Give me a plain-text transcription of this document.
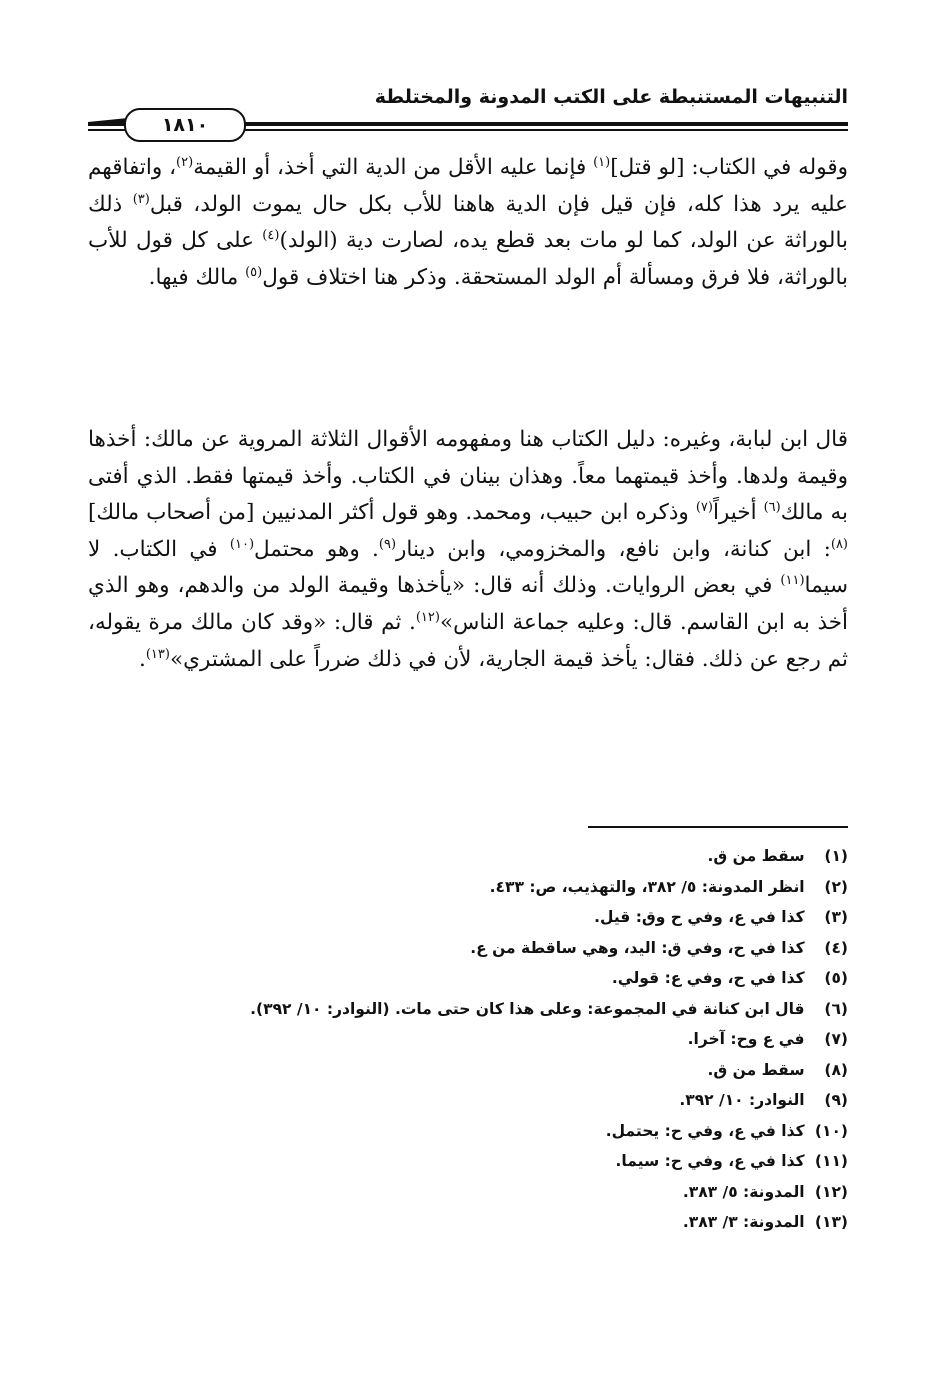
التنبيهات المستنبطة على الكتب المدونة والمختلطة
١٨١٠

وقوله في الكتاب: [لو قتل]$^{(١)}$ فإنما عليه الأقل من الدية التي أخذ، أو القيمة$^{(٢)}$، واتفاقهم عليه يرد هذا كله، فإن قيل فإن الدية هاهنا للأب بكل حال يموت الولد، قبل$^{(٣)}$ ذلك بالوراثة عن الولد، كما لو مات بعد قطع يده، لصارت دية (الولد)$^{(٤)}$ على كل قول للأب بالوراثة، فلا فرق ومسألة أم الولد المستحقة. وذكر هنا اختلاف قول$^{(٥)}$ مالك فيها.

قال ابن لبابة، وغيره: دليل الكتاب هنا ومفهومه الأقوال الثلاثة المروية عن مالك: أخذها وقيمة ولدها. وأخذ قيمتهما معاً. وهذان بينان في الكتاب. وأخذ قيمتها فقط. الذي أفتى به مالك$^{(٦)}$ أخيراً$^{(٧)}$ وذكره ابن حبيب، ومحمد. وهو قول أكثر المدنيين [من أصحاب مالك]$^{(٨)}$: ابن كنانة، وابن نافع، والمخزومي، وابن دينار$^{(٩)}$. وهو محتمل$^{(١٠)}$ في الكتاب. لا سيما$^{(١١)}$ في بعض الروايات. وذلك أنه قال: «يأخذها وقيمة الولد من والدهم، وهو الذي أخذ به ابن القاسم. قال: وعليه جماعة الناس»$^{(١٢)}$. ثم قال: «وقد كان مالك مرة يقوله، ثم رجع عن ذلك. فقال: يأخذ قيمة الجارية، لأن في ذلك ضرراً على المشتري»$^{(١٣)}$.

(١) سقط من ق.
(٢) انظر المدونة: ٥/ ٣٨٢، والتهذيب، ص: ٤٣٣.
(٣) كذا في ع، وفي ح وق: قيل.
(٤) كذا في ح، وفي ق: اليد، وهي ساقطة من ع.
(٥) كذا في ح، وفي ع: قولي.
(٦) قال ابن كنانة في المجموعة: وعلى هذا كان حتى مات. (النوادر: ١٠/ ٣٩٢).
(٧) في ع وح: آخرا.
(٨) سقط من ق.
(٩) النوادر: ١٠/ ٣٩٢.
(١٠) كذا في ع، وفي ح: يحتمل.
(١١) كذا في ع، وفي ح: سيما.
(١٢) المدونة: ٥/ ٣٨٣.
(١٣) المدونة: ٣/ ٣٨٣.
